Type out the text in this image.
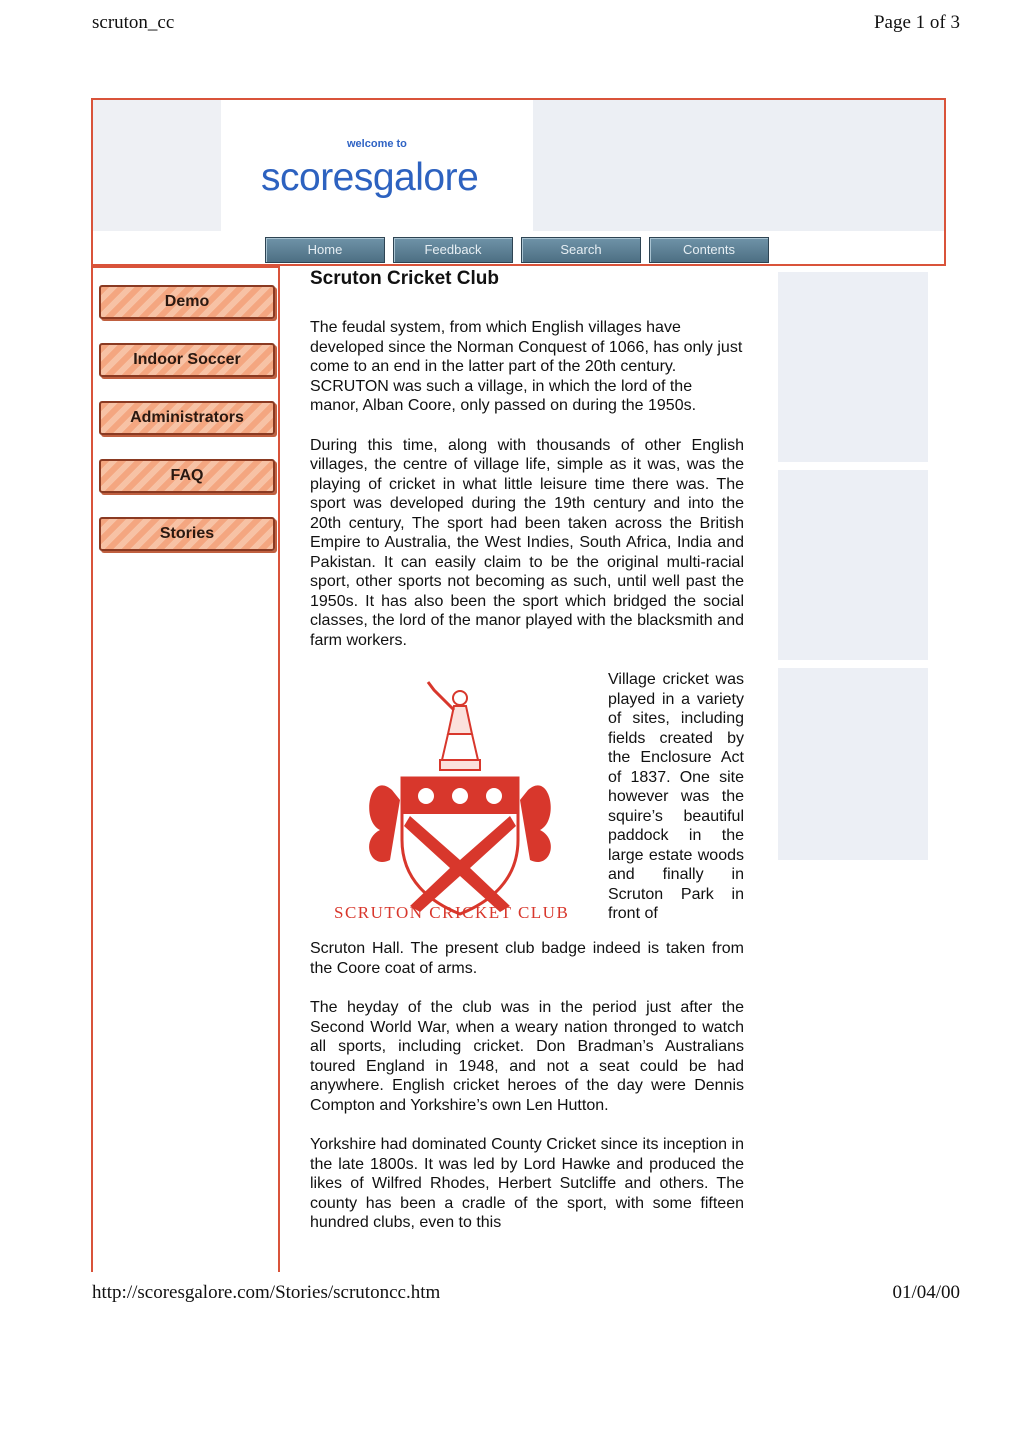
scruton_cc	Page 1 of 3
welcome to
scoresgalore
Home	Feedback	Search	Contents
Demo
Indoor Soccer
Administrators
FAQ
Stories
Scruton Cricket Club

The feudal system, from which English villages have developed since the Norman Conquest of 1066, has only just come to an end in the latter part of the 20th century. SCRUTON was such a village, in which the lord of the manor, Alban Coore, only passed on during the 1950s.

During this time, along with thousands of other English villages, the centre of village life, simple as it was, was the playing of cricket in what little leisure time there was. The sport was developed during the 19th century and into the 20th century, The sport had been taken across the British Empire to Australia, the West Indies, South Africa, India and Pakistan. It can easily claim to be the original multi-racial sport, other sports not becoming as such, until well past the 1950s. It has also been the sport which bridged the social classes, the lord of the manor played with the blacksmith and farm workers.

SCRUTON CRICKET CLUB
Village cricket was played in a variety of sites, including fields created by the Enclosure Act of 1837. One site however was the squire’s beautiful paddock in the large estate woods and finally in Scruton Park in front of

Scruton Hall. The present club badge indeed is taken from the Coore coat of arms.

The heyday of the club was in the period just after the Second World War, when a weary nation thronged to watch all sports, including cricket. Don Bradman’s Australians toured England in 1948, and not a seat could be had anywhere. English cricket heroes of the day were Dennis Compton and Yorkshire’s own Len Hutton.

Yorkshire had dominated County Cricket since its inception in the late 1800s. It was led by Lord Hawke and produced the likes of Wilfred Rhodes, Herbert Sutcliffe and others. The county has been a cradle of the sport, with some fifteen hundred clubs, even to this

http://scoresgalore.com/Stories/scrutoncc.htm	01/04/00
